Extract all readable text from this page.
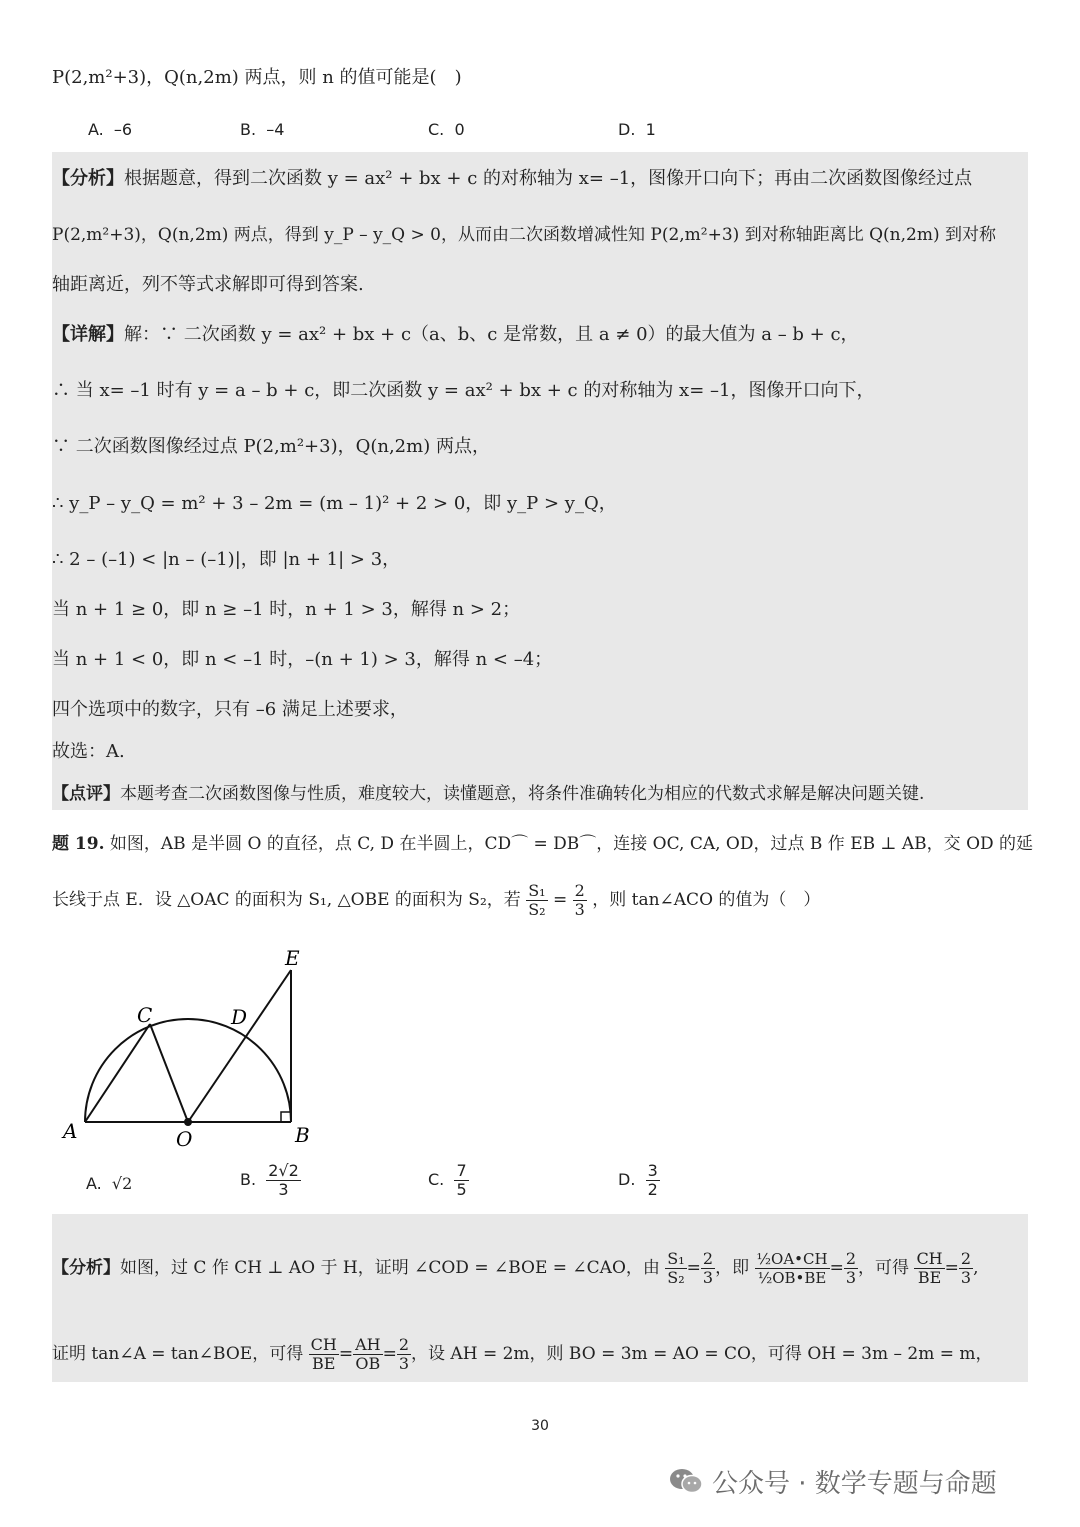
P(2,m²+3)，Q(n,2m) 两点，则 n 的值可能是(　)
A. –6	B. –4	C. 0	D. 1
【分析】根据题意，得到二次函数 y = ax² + bx + c 的对称轴为 x= –1，图像开口向下；再由二次函数图像经过点
P(2,m²+3)，Q(n,2m) 两点，得到 y_P – y_Q > 0，从而由二次函数增减性知 P(2,m²+3) 到对称轴距离比 Q(n,2m) 到对称
轴距离近，列不等式求解即可得到答案.
【详解】解：∵ 二次函数 y = ax² + bx + c（a、b、c 是常数，且 a ≠ 0）的最大值为 a – b + c，
∴ 当 x= –1 时有 y = a – b + c，即二次函数 y = ax² + bx + c 的对称轴为 x= –1，图像开口向下，
∵ 二次函数图像经过点 P(2,m²+3)，Q(n,2m) 两点，
∴ y_P – y_Q = m² + 3 – 2m = (m – 1)² + 2 > 0，即 y_P > y_Q，
∴ 2 – (–1) < |n – (–1)|，即 |n + 1| > 3，
当 n + 1 ≥ 0，即 n ≥ –1 时，n + 1 > 3，解得 n > 2；
当 n + 1 < 0，即 n < –1 时，–(n + 1) > 3，解得 n < –4；
四个选项中的数字，只有 –6 满足上述要求，
故选：A.
【点评】本题考查二次函数图像与性质，难度较大，读懂题意，将条件准确转化为相应的代数式求解是解决问题关键.
题 19. 如图，AB 是半圆 O 的直径，点 C, D 在半圆上，CD⌒ = DB⌒，连接 OC, CA, OD，过点 B 作 EB ⊥ AB，交 OD 的延
长线于点 E．设 △OAC 的面积为 S₁, △OBE 的面积为 S₂，若 $\frac{\text{S₁}}{\text{S₂}} = \frac{2}{3}$ ，则 tan∠ACO 的值为（　）
A	B
C	D
E
O
A. √2	B. $\frac{2√2}{3}$	C. $\frac{7}{5}$	D. $\frac{3}{2}$
【分析】如图，过 C 作 CH ⊥ AO 于 H，证明 ∠COD = ∠BOE = ∠CAO，由 $\frac{\text{S₁}}{\text{S₂}} = \frac{2}{3}$ ，即 $\frac{\text{½OA•CH}}{\text{½OB•BE}} = \frac{2}{3}$ ，可得 $\frac{CH}{BE} = \frac{2}{3}$ ,
证明 tan∠A = tan∠BOE，可得 $\frac{CH}{BE} = \frac{AH}{OB} = \frac{2}{3}$ ，设 AH = 2m，则 BO = 3m = AO = CO，可得 OH = 3m – 2m = m，
30
公众号 · 数学专题与命题
